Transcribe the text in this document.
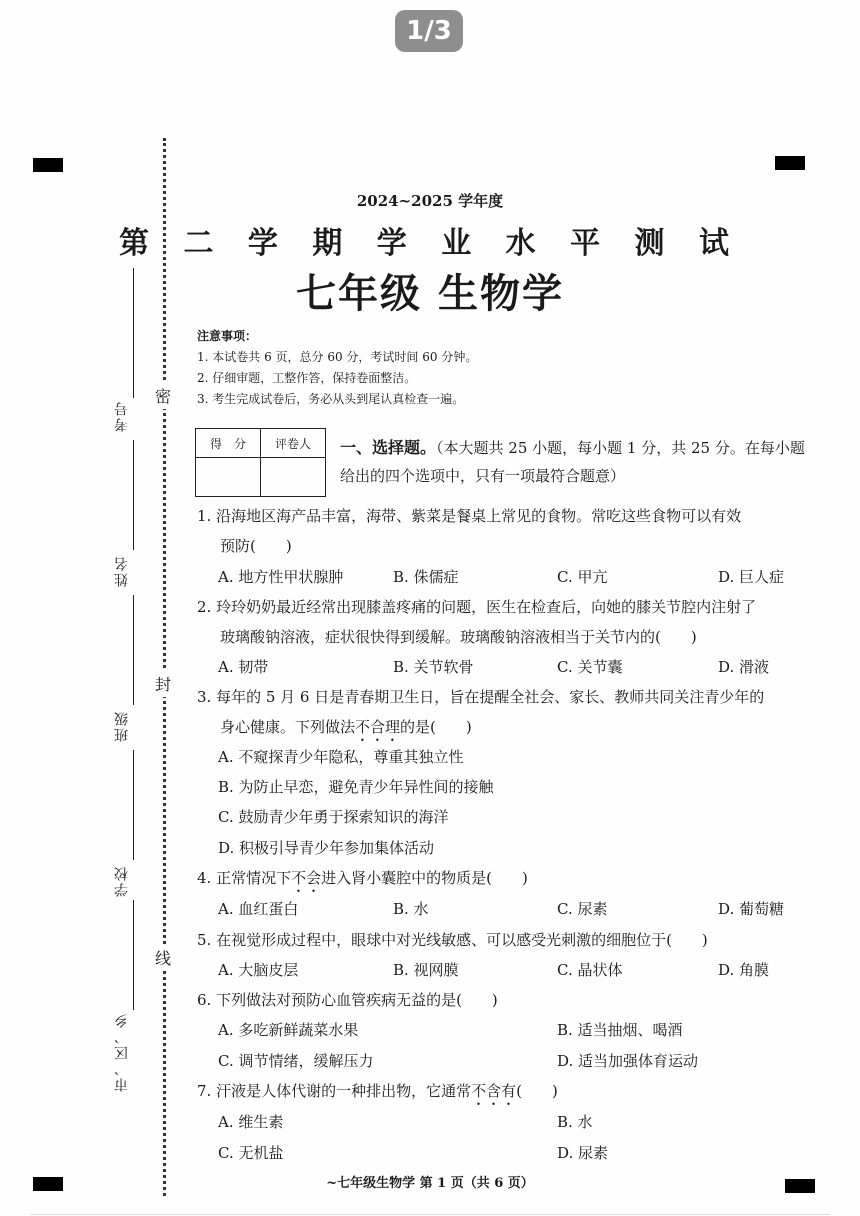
1/3
密
封
线
考号
姓名
班级
学校
市、区、乡
2024~2025 学年度
第 二 学 期 学 业 水 平 测 试
七年级 生物学
注意事项：
1. 本试卷共 6 页，总分 60 分，考试时间 60 分钟。
2. 仔细审题，工整作答，保持卷面整洁。
3. 考生完成试卷后，务必从头到尾认真检查一遍。
得　分	评卷人
	一、选择题。（本大题共 25 小题，每小题 1 分，共 25 分。在每小题给出的四个选项中，只有一项最符合题意）
1. 沿海地区海产品丰富，海带、紫菜是餐桌上常见的食物。常吃这些食物可以有效
预防(　　)
A. 地方性甲状腺肿	B. 侏儒症	C. 甲亢	D. 巨人症
2. 玲玲奶奶最近经常出现膝盖疼痛的问题，医生在检查后，向她的膝关节腔内注射了
玻璃酸钠溶液，症状很快得到缓解。玻璃酸钠溶液相当于关节内的(　　)
A. 韧带	B. 关节软骨	C. 关节囊	D. 滑液
3. 每年的 5 月 6 日是青春期卫生日，旨在提醒全社会、家长、教师共同关注青少年的
身心健康。下列做法不合理的是(　　)
A. 不窥探青少年隐私，尊重其独立性
B. 为防止早恋，避免青少年异性间的接触
C. 鼓励青少年勇于探索知识的海洋
D. 积极引导青少年参加集体活动
4. 正常情况下不会进入肾小囊腔中的物质是(　　)
A. 血红蛋白	B. 水	C. 尿素	D. 葡萄糖
5. 在视觉形成过程中，眼球中对光线敏感、可以感受光刺激的细胞位于(　　)
A. 大脑皮层	B. 视网膜	C. 晶状体	D. 角膜
6. 下列做法对预防心血管疾病无益的是(　　)
A. 多吃新鲜蔬菜水果	B. 适当抽烟、喝酒
C. 调节情绪，缓解压力	D. 适当加强体育运动
7. 汗液是人体代谢的一种排出物，它通常不含有(　　)
A. 维生素	B. 水
C. 无机盐	D. 尿素
~七年级生物学 第 1 页（共 6 页）
